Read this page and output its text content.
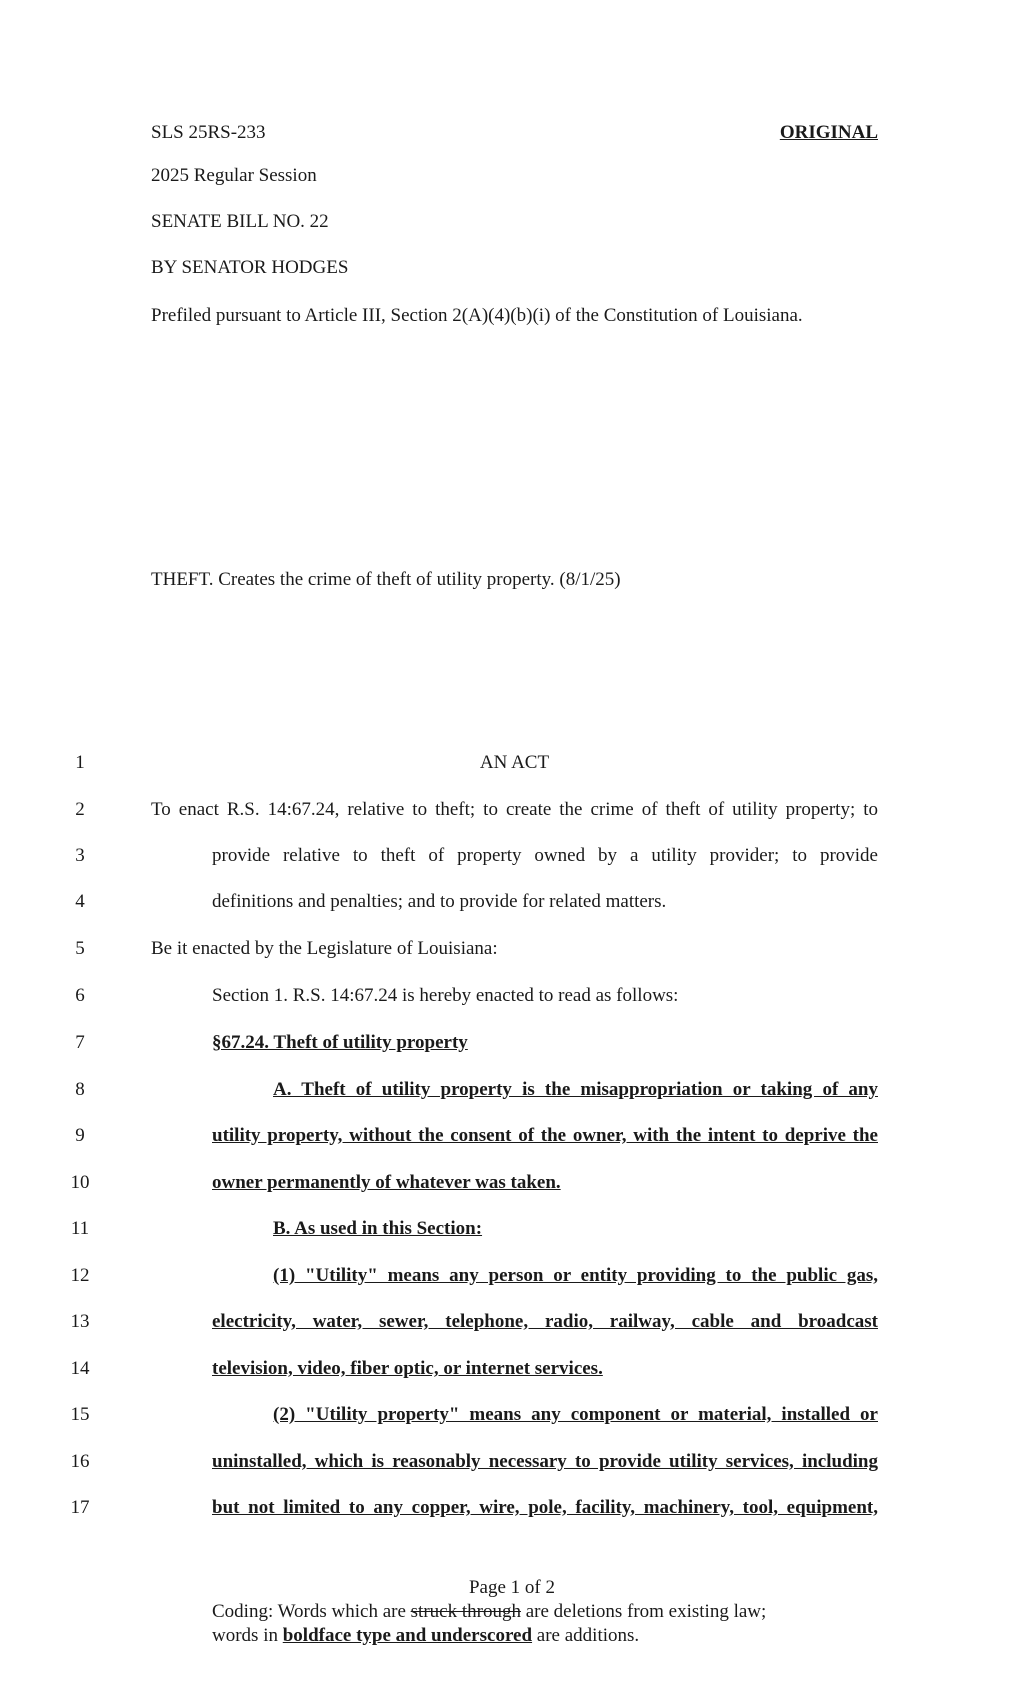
SLS 25RS-233	ORIGINAL
2025 Regular Session
SENATE BILL NO. 22
BY SENATOR HODGES
Prefiled pursuant to Article III, Section 2(A)(4)(b)(i) of the Constitution of Louisiana.
THEFT. Creates the crime of theft of utility property. (8/1/25)
1	AN ACT
2	To enact R.S. 14:67.24, relative to theft; to create the crime of theft of utility property; to
3	provide relative to theft of property owned by a utility provider; to provide
4	definitions and penalties; and to provide for related matters.
5	Be it enacted by the Legislature of Louisiana:
6	Section 1. R.S. 14:67.24 is hereby enacted to read as follows:
7	§67.24. Theft of utility property
8	A. Theft of utility property is the misappropriation or taking of any
9	utility property, without the consent of the owner, with the intent to deprive the
10	owner permanently of whatever was taken.
11	B. As used in this Section:
12	(1) "Utility" means any person or entity providing to the public gas,
13	electricity, water, sewer, telephone, radio, railway, cable and broadcast
14	television, video, fiber optic, or internet services.
15	(2) "Utility property" means any component or material, installed or
16	uninstalled, which is reasonably necessary to provide utility services, including
17	but not limited to any copper, wire, pole, facility, machinery, tool, equipment,
Page 1 of 2
Coding: Words which are struck through are deletions from existing law;
words in boldface type and underscored are additions.
